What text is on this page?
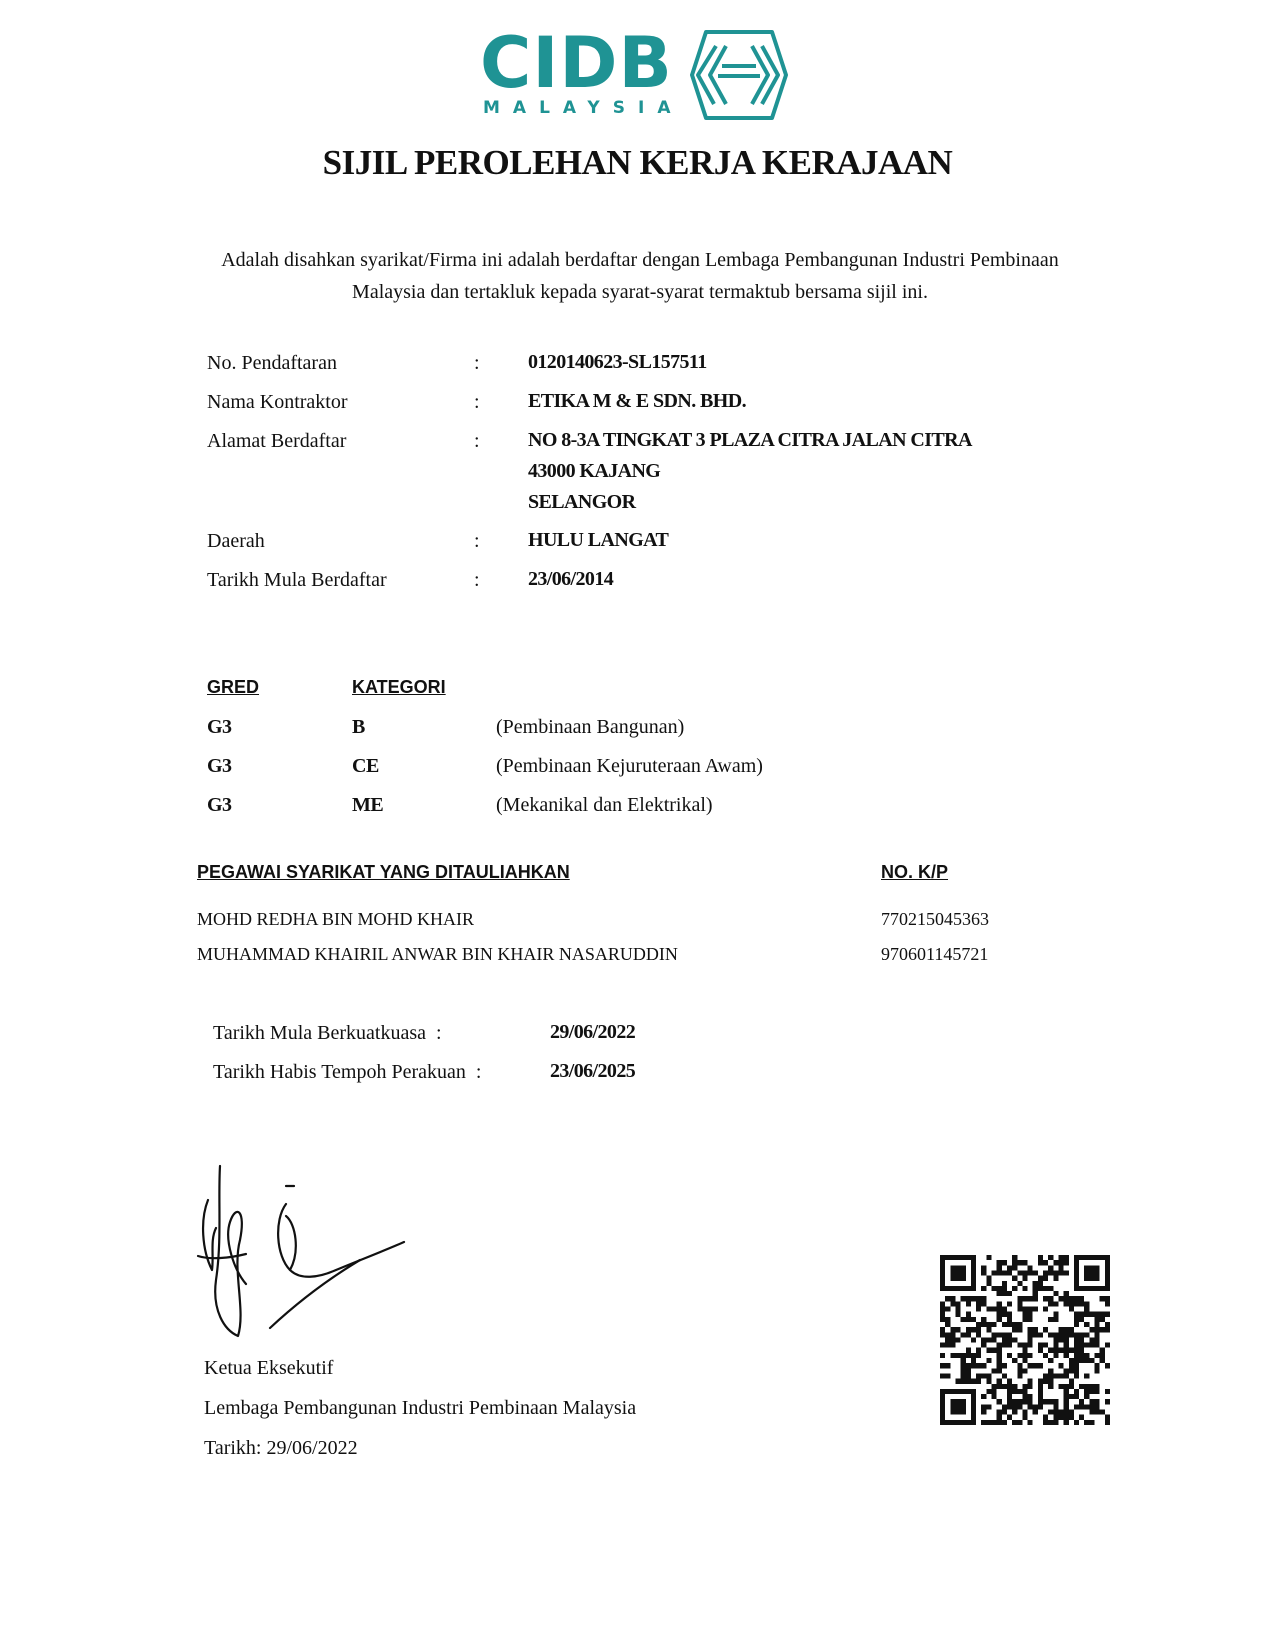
CIDB
MALAYSIA
SIJIL PEROLEHAN KERJA KERAJAAN
Adalah disahkan syarikat/Firma ini adalah berdaftar dengan Lembaga Pembangunan Industri Pembinaan
Malaysia dan tertakluk kepada syarat-syarat termaktub bersama sijil ini.
No. Pendaftaran	: 0120140623-SL157511
Nama Kontraktor	: ETIKA M & E SDN. BHD.
Alamat Berdaftar	: NO 8-3A TINGKAT 3 PLAZA CITRA JALAN CITRA
43000 KAJANG
SELANGOR
Daerah	: HULU LANGAT
Tarikh Mula Berdaftar	: 23/06/2014
GRED	KATEGORI
G3	B	(Pembinaan Bangunan)
G3	CE	(Pembinaan Kejuruteraan Awam)
G3	ME	(Mekanikal dan Elektrikal)
PEGAWAI SYARIKAT YANG DITAULIAHKAN	NO. K/P
MOHD REDHA BIN MOHD KHAIR	770215045363
MUHAMMAD KHAIRIL ANWAR BIN KHAIR NASARUDDIN	970601145721
Tarikh Mula Berkuatkuasa  :	29/06/2022
Tarikh Habis Tempoh Perakuan  :	23/06/2025
Ketua Eksekutif
Lembaga Pembangunan Industri Pembinaan Malaysia
Tarikh: 29/06/2022
